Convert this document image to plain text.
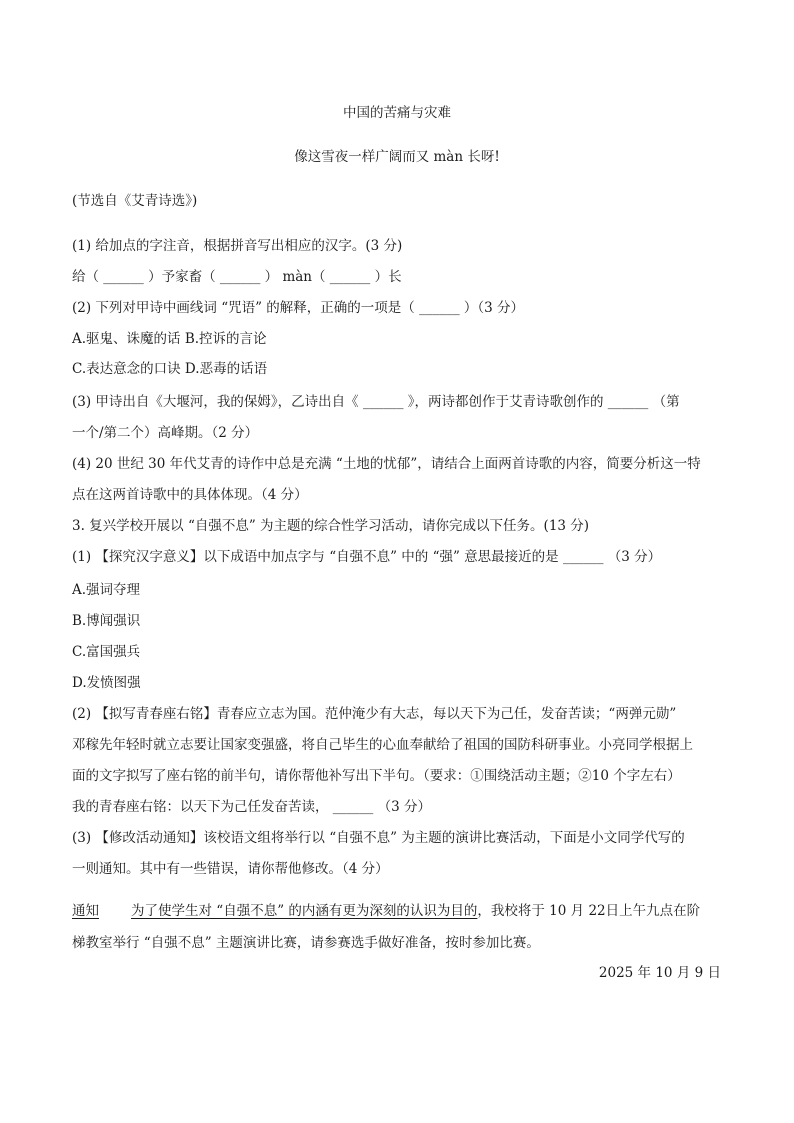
中国的苦痛与灾难
像这雪夜一样广阔而又 màn 长呀!
(节选自《艾青诗选》)
(1) 给加点的字注音，根据拼音写出相应的汉字。(3 分)
给（ ______ ）予家畜（ ______ ） màn（ ______ ）长
(2) 下列对甲诗中画线词 “咒语” 的解释，正确的一项是（ ______ ）（3 分）
A.驱鬼、诛魔的话 B.控诉的言论
C.表达意念的口诀 D.恶毒的话语
(3) 甲诗出自《大堰河，我的保姆》，乙诗出自《 ______ 》，两诗都创作于艾青诗歌创作的 ______ （第
一个/第二个）高峰期。（2 分）
(4) 20 世纪 30 年代艾青的诗作中总是充满 “土地的忧郁”，请结合上面两首诗歌的内容，简要分析这一特
点在这两首诗歌中的具体体现。（4 分）
3. 复兴学校开展以 “自强不息” 为主题的综合性学习活动，请你完成以下任务。(13 分)
(1) 【探究汉字意义】以下成语中加点字与 “自强不息” 中的 “强” 意思最接近的是 ______ （3 分）
A.强词夺理
B.博闻强识
C.富国强兵
D.发愤图强
(2) 【拟写青春座右铭】青春应立志为国。范仲淹少有大志，每以天下为己任，发奋苦读；“两弹元勋”
邓稼先年轻时就立志要让国家变强盛，将自己毕生的心血奉献给了祖国的国防科研事业。小亮同学根据上
面的文字拟写了座右铭的前半句，请你帮他补写出下半句。（要求：①围绕活动主题；②10 个字左右）
我的青春座右铭：以天下为己任发奋苦读， ______ （3 分）
(3) 【修改活动通知】该校语文组将举行以 “自强不息” 为主题的演讲比赛活动，下面是小文同学代写的
一则通知。其中有一些错误，请你帮他修改。（4 分）
通知 为了使学生对 “自强不息” 的内涵有更为深刻的认识为目的，我校将于 10 月 22日上午九点在阶
梯教室举行 “自强不息” 主题演讲比赛，请参赛选手做好准备，按时参加比赛。
2025 年 10 月 9 日
